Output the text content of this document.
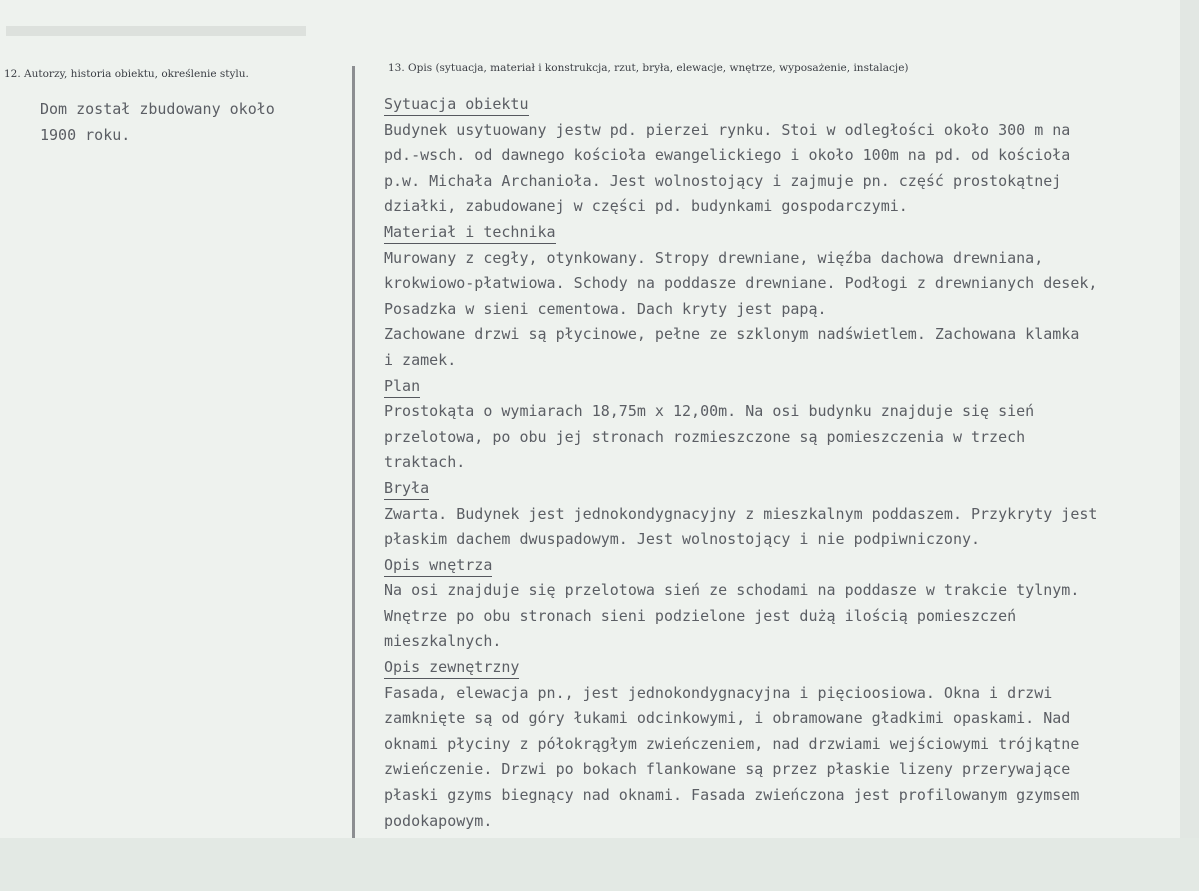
12. Autorzy, historia obiektu, określenie stylu.	13. Opis (sytuacja, materiał i konstrukcja, rzut, bryła, elewacje, wnętrze, wyposażenie, instalacje)
Dom został zbudowany około
1900 roku.
Sytuacja obiektu
Budynek usytuowany jestw pd. pierzei rynku. Stoi w odległości około 300 m na
pd.-wsch. od dawnego kościoła ewangelickiego i około 100m na pd. od kościoła
p.w. Michała Archanioła. Jest wolnostojący i zajmuje pn. część prostokątnej
działki, zabudowanej w części pd. budynkami gospodarczymi.
Materiał i technika
Murowany z cegły, otynkowany. Stropy drewniane, więźba dachowa drewniana,
krokwiowo-płatwiowa. Schody na poddasze drewniane. Podłogi z drewnianych desek,
Posadzka w sieni cementowa. Dach kryty jest papą.
Zachowane drzwi są płycinowe, pełne ze szklonym nadświetlem. Zachowana klamka
i zamek.
Plan
Prostokąta o wymiarach 18,75m x 12,00m. Na osi budynku znajduje się sień
przelotowa, po obu jej stronach rozmieszczone są pomieszczenia w trzech
traktach.
Bryła
Zwarta. Budynek jest jednokondygnacyjny z mieszkalnym poddaszem. Przykryty jest
płaskim dachem dwuspadowym. Jest wolnostojący i nie podpiwniczony.
Opis wnętrza
Na osi znajduje się przelotowa sień ze schodami na poddasze w trakcie tylnym.
Wnętrze po obu stronach sieni podzielone jest dużą ilością pomieszczeń
mieszkalnych.
Opis zewnętrzny
Fasada, elewacja pn., jest jednokondygnacyjna i pięcioosiowa. Okna i drzwi
zamknięte są od góry łukami odcinkowymi, i obramowane gładkimi opaskami. Nad
oknami płyciny z półokrągłym zwieńczeniem, nad drzwiami wejściowymi trójkątne
zwieńczenie. Drzwi po bokach flankowane są przez płaskie lizeny przerywające
płaski gzyms biegnący nad oknami. Fasada zwieńczona jest profilowanym gzymsem
podokapowym.
